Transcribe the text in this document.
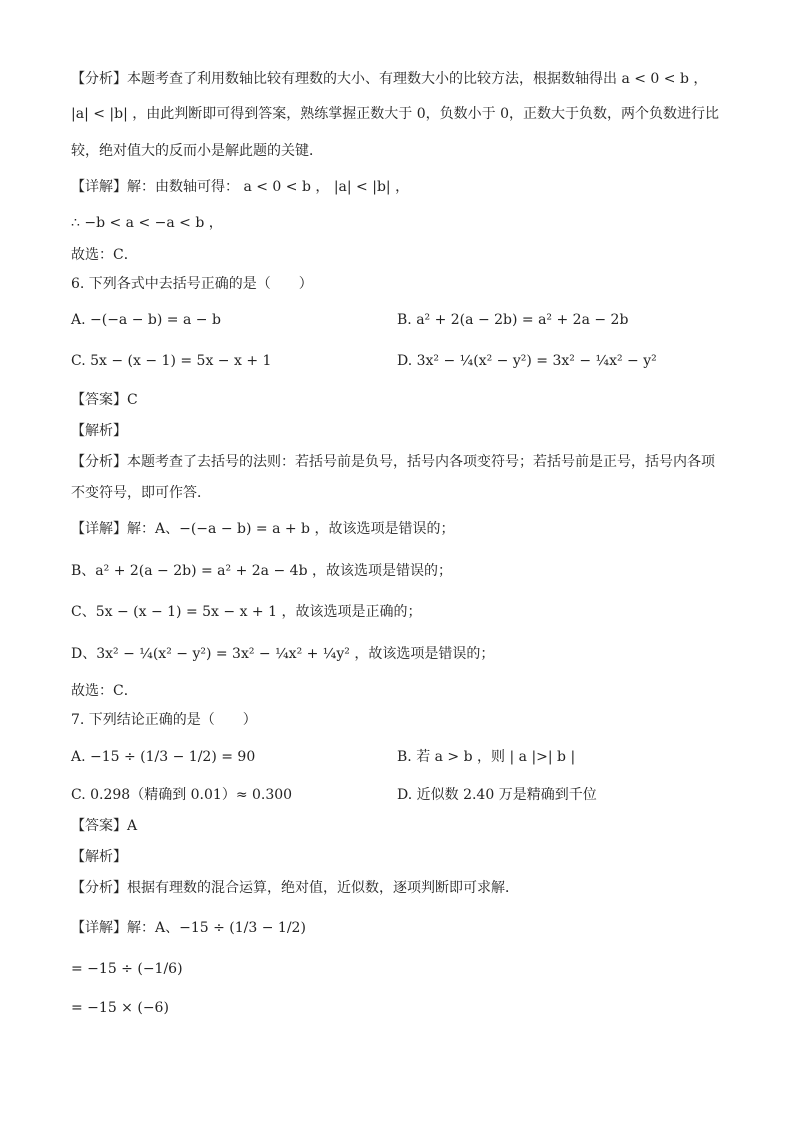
【分析】本题考查了利用数轴比较有理数的大小、有理数大小的比较方法，根据数轴得出 a < 0 < b ，
|a| < |b| ，由此判断即可得到答案，熟练掌握正数大于 0，负数小于 0，正数大于负数，两个负数进行比
较，绝对值大的反而小是解此题的关键．
【详解】解：由数轴可得： a < 0 < b ， |a| < |b| ，
∴ −b < a < −a < b ，
故选：C．
6. 下列各式中去括号正确的是（　　）
A. −(−a − b) = a − b	B. a² + 2(a − 2b) = a² + 2a − 2b
C. 5x − (x − 1) = 5x − x + 1	D. 3x² − ¼(x² − y²) = 3x² − ¼x² − y²
【答案】C
【解析】
【分析】本题考查了去括号的法则：若括号前是负号，括号内各项变符号；若括号前是正号，括号内各项
不变符号，即可作答．
【详解】解：A、−(−a − b) = a + b ，故该选项是错误的；
B、a² + 2(a − 2b) = a² + 2a − 4b ，故该选项是错误的；
C、5x − (x − 1) = 5x − x + 1 ，故该选项是正确的；
D、3x² − ¼(x² − y²) = 3x² − ¼x² + ¼y² ，故该选项是错误的；
故选：C．
7. 下列结论正确的是（　　）
A. −15 ÷ (1/3 − 1/2) = 90	B. 若 a > b ，则 | a |>| b |
C. 0.298（精确到 0.01）≈ 0.300	D. 近似数 2.40 万是精确到千位
【答案】A
【解析】
【分析】根据有理数的混合运算，绝对值，近似数，逐项判断即可求解．
【详解】解：A、−15 ÷ (1/3 − 1/2)
= −15 ÷ (−1/6)
= −15 × (−6)
